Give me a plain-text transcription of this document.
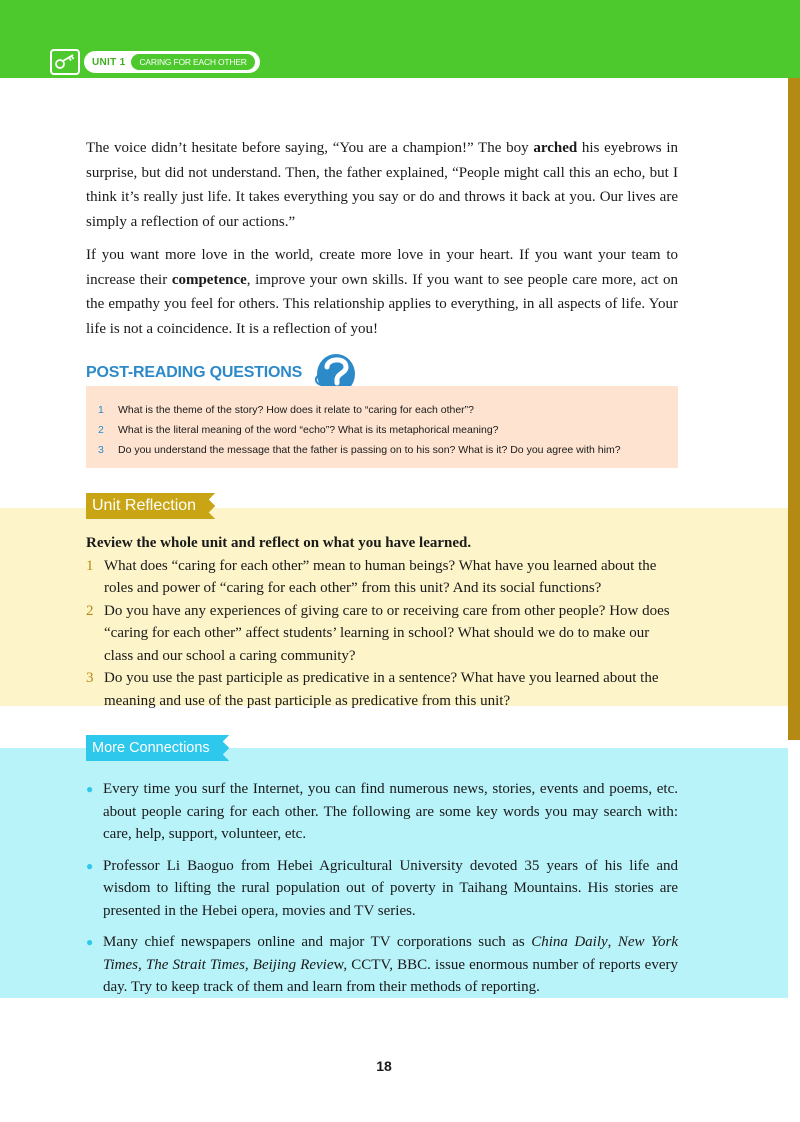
UNIT 1	CARING FOR EACH OTHER
The voice didn’t hesitate before saying, “You are a champion!” The boy arched his eyebrows in surprise, but did not understand. Then, the father explained, “People might call this an echo, but I think it’s really just life. It takes everything you say or do and throws it back at you. Our lives are simply a reflection of our actions.”
If you want more love in the world, create more love in your heart. If you want your team to increase their competence, improve your own skills. If you want to see people care more, act on the empathy you feel for others. This relationship applies to everything, in all aspects of life. Your life is not a coincidence. It is a reflection of you!
POST-READING QUESTIONS
1	What is the theme of the story? How does it relate to “caring for each other”?
2	What is the literal meaning of the word “echo”? What is its metaphorical meaning?
3	Do you understand the message that the father is passing on to his son? What is it? Do you agree with him?
Unit Reflection
Review the whole unit and reflect on what you have learned.
1 What does “caring for each other” mean to human beings? What have you learned about the roles and power of “caring for each other” from this unit? And its social functions?
2 Do you have any experiences of giving care to or receiving care from other people? How does “caring for each other” affect students’ learning in school? What should we do to make our class and our school a caring community?
3 Do you use the past participle as predicative in a sentence? What have you learned about the meaning and use of the past participle as predicative from this unit?
More Connections
● Every time you surf the Internet, you can find numerous news, stories, events and poems, etc. about people caring for each other. The following are some key words you may search with: care, help, support, volunteer, etc.
● Professor Li Baoguo from Hebei Agricultural University devoted 35 years of his life and wisdom to lifting the rural population out of poverty in Taihang Mountains. His stories are presented in the Hebei opera, movies and TV series.
● Many chief newspapers online and major TV corporations such as China Daily, New York Times, The Strait Times, Beijing Review, CCTV, BBC. issue enormous number of reports every day. Try to keep track of them and learn from their methods of reporting.
18
